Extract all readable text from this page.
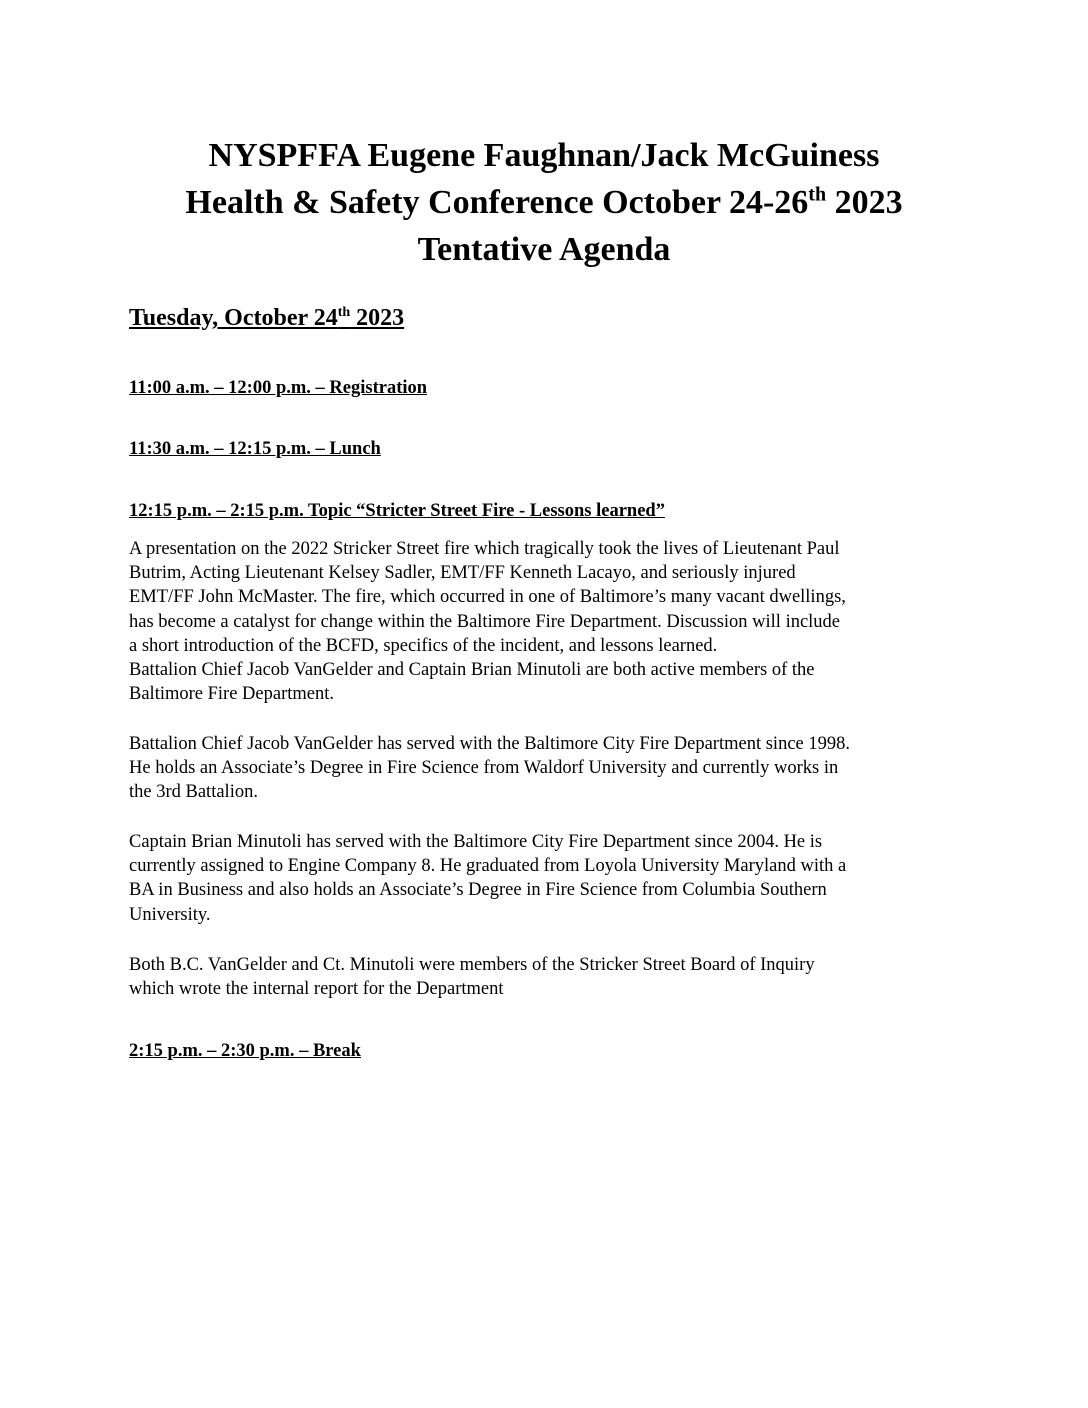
NYSPFFA Eugene Faughnan/Jack McGuiness
Health & Safety Conference October 24-26th 2023
Tentative Agenda
Tuesday, October 24th 2023

11:00 a.m. – 12:00 p.m. – Registration

11:30 a.m. – 12:15 p.m. – Lunch

12:15 p.m. – 2:15 p.m. Topic “Stricter Street Fire - Lessons learned”

A presentation on the 2022 Stricker Street fire which tragically took the lives of Lieutenant Paul
Butrim, Acting Lieutenant Kelsey Sadler, EMT/FF Kenneth Lacayo, and seriously injured
EMT/FF John McMaster. The fire, which occurred in one of Baltimore’s many vacant dwellings,
has become a catalyst for change within the Baltimore Fire Department. Discussion will include
a short introduction of the BCFD, specifics of the incident, and lessons learned.
Battalion Chief Jacob VanGelder and Captain Brian Minutoli are both active members of the
Baltimore Fire Department.
Battalion Chief Jacob VanGelder has served with the Baltimore City Fire Department since 1998.
He holds an Associate’s Degree in Fire Science from Waldorf University and currently works in
the 3rd Battalion.
Captain Brian Minutoli has served with the Baltimore City Fire Department since 2004. He is
currently assigned to Engine Company 8. He graduated from Loyola University Maryland with a
BA in Business and also holds an Associate’s Degree in Fire Science from Columbia Southern
University.
Both B.C. VanGelder and Ct. Minutoli were members of the Stricker Street Board of Inquiry
which wrote the internal report for the Department

2:15 p.m. – 2:30 p.m. – Break
